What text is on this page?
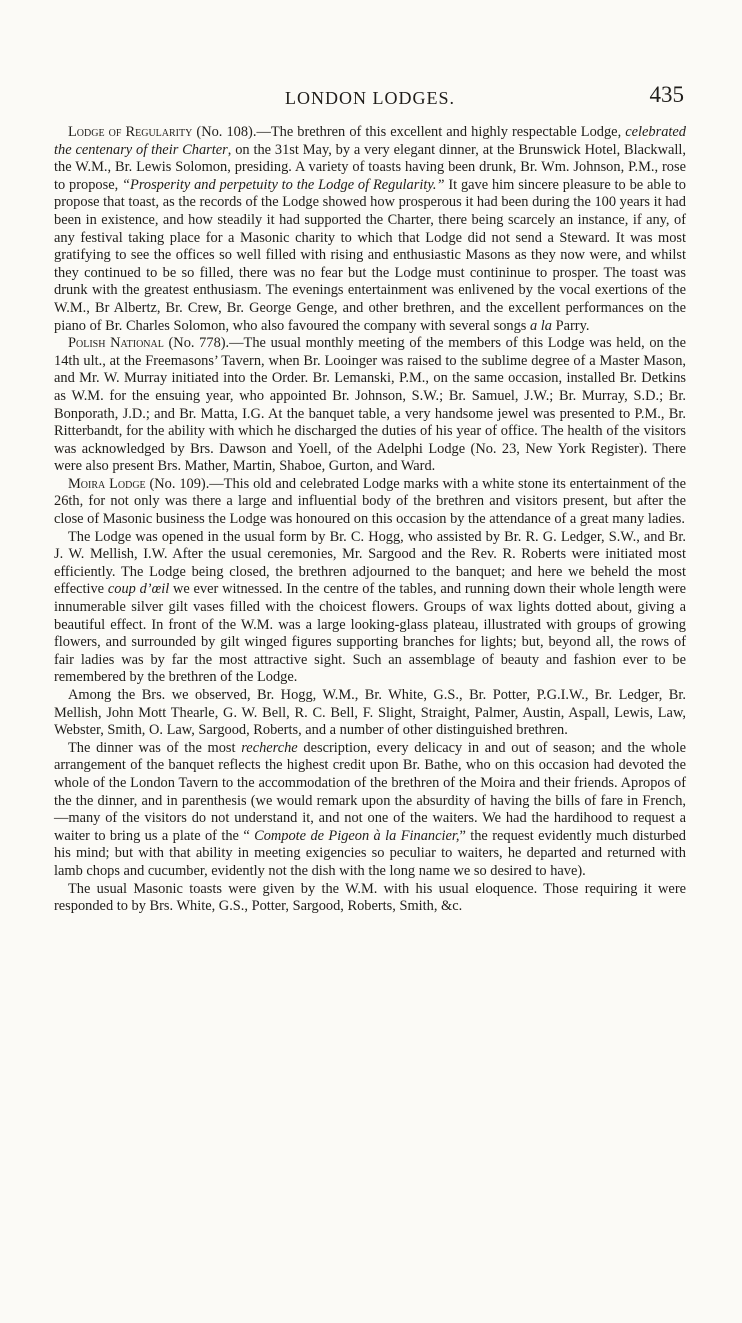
LONDON LODGES.	435

Lodge of Regularity (No. 108).—The brethren of this excellent and highly respectable Lodge, celebrated the centenary of their Charter, on the 31st May, by a very elegant dinner, at the Brunswick Hotel, Blackwall, the W.M., Br. Lewis Solomon, presiding. A variety of toasts having been drunk, Br. Wm. Johnson, P.M., rose to propose, “Prosperity and perpetuity to the Lodge of Regularity.” It gave him sincere pleasure to be able to propose that toast, as the records of the Lodge showed how prosperous it had been during the 100 years it had been in existence, and how steadily it had supported the Charter, there being scarcely an instance, if any, of any festival taking place for a Masonic charity to which that Lodge did not send a Steward. It was most gratifying to see the offices so well filled with rising and enthusiastic Masons as they now were, and whilst they continued to be so filled, there was no fear but the Lodge must contininue to prosper. The toast was drunk with the greatest enthusiasm. The evenings entertainment was enlivened by the vocal exertions of the W.M., Br Albertz, Br. Crew, Br. George Genge, and other brethren, and the excellent performances on the piano of Br. Charles Solomon, who also favoured the company with several songs a la Parry.

Polish National (No. 778).—The usual monthly meeting of the members of this Lodge was held, on the 14th ult., at the Freemasons’ Tavern, when Br. Looinger was raised to the sublime degree of a Master Mason, and Mr. W. Murray initiated into the Order. Br. Lemanski, P.M., on the same occasion, installed Br. Detkins as W.M. for the ensuing year, who appointed Br. Johnson, S.W.; Br. Samuel, J.W.; Br. Murray, S.D.; Br. Bonporath, J.D.; and Br. Matta, I.G. At the banquet table, a very handsome jewel was presented to P.M., Br. Ritterbandt, for the ability with which he discharged the duties of his year of office. The health of the visitors was acknowledged by Brs. Dawson and Yoell, of the Adelphi Lodge (No. 23, New York Register). There were also present Brs. Mather, Martin, Shaboe, Gurton, and Ward.

Moira Lodge (No. 109).—This old and celebrated Lodge marks with a white stone its entertainment of the 26th, for not only was there a large and influential body of the brethren and visitors present, but after the close of Masonic business the Lodge was honoured on this occasion by the attendance of a great many ladies.

The Lodge was opened in the usual form by Br. C. Hogg, who assisted by Br. R. G. Ledger, S.W., and Br. J. W. Mellish, I.W. After the usual ceremonies, Mr. Sargood and the Rev. R. Roberts were initiated most efficiently. The Lodge being closed, the brethren adjourned to the banquet; and here we beheld the most effective coup d’œil we ever witnessed. In the centre of the tables, and running down their whole length were innumerable silver gilt vases filled with the choicest flowers. Groups of wax lights dotted about, giving a beautiful effect. In front of the W.M. was a large looking-glass plateau, illustrated with groups of growing flowers, and surrounded by gilt winged figures supporting branches for lights; but, beyond all, the rows of fair ladies was by far the most attractive sight. Such an assemblage of beauty and fashion ever to be remembered by the brethren of the Lodge.

Among the Brs. we observed, Br. Hogg, W.M., Br. White, G.S., Br. Potter, P.G.I.W., Br. Ledger, Br. Mellish, John Mott Thearle, G. W. Bell, R. C. Bell, F. Slight, Straight, Palmer, Austin, Aspall, Lewis, Law, Webster, Smith, O. Law, Sargood, Roberts, and a number of other distinguished brethren.

The dinner was of the most recherche description, every delicacy in and out of season; and the whole arrangement of the banquet reflects the highest credit upon Br. Bathe, who on this occasion had devoted the whole of the London Tavern to the accommodation of the brethren of the Moira and their friends. Apropos of the the dinner, and in parenthesis (we would remark upon the absurdity of having the bills of fare in French,—many of the visitors do not understand it, and not one of the waiters. We had the hardihood to request a waiter to bring us a plate of the “ Compote de Pigeon à la Financier,” the request evidently much disturbed his mind; but with that ability in meeting exigencies so peculiar to waiters, he departed and returned with lamb chops and cucumber, evidently not the dish with the long name we so desired to have).

The usual Masonic toasts were given by the W.M. with his usual eloquence. Those requiring it were responded to by Brs. White, G.S., Potter, Sargood, Roberts, Smith, &c.
